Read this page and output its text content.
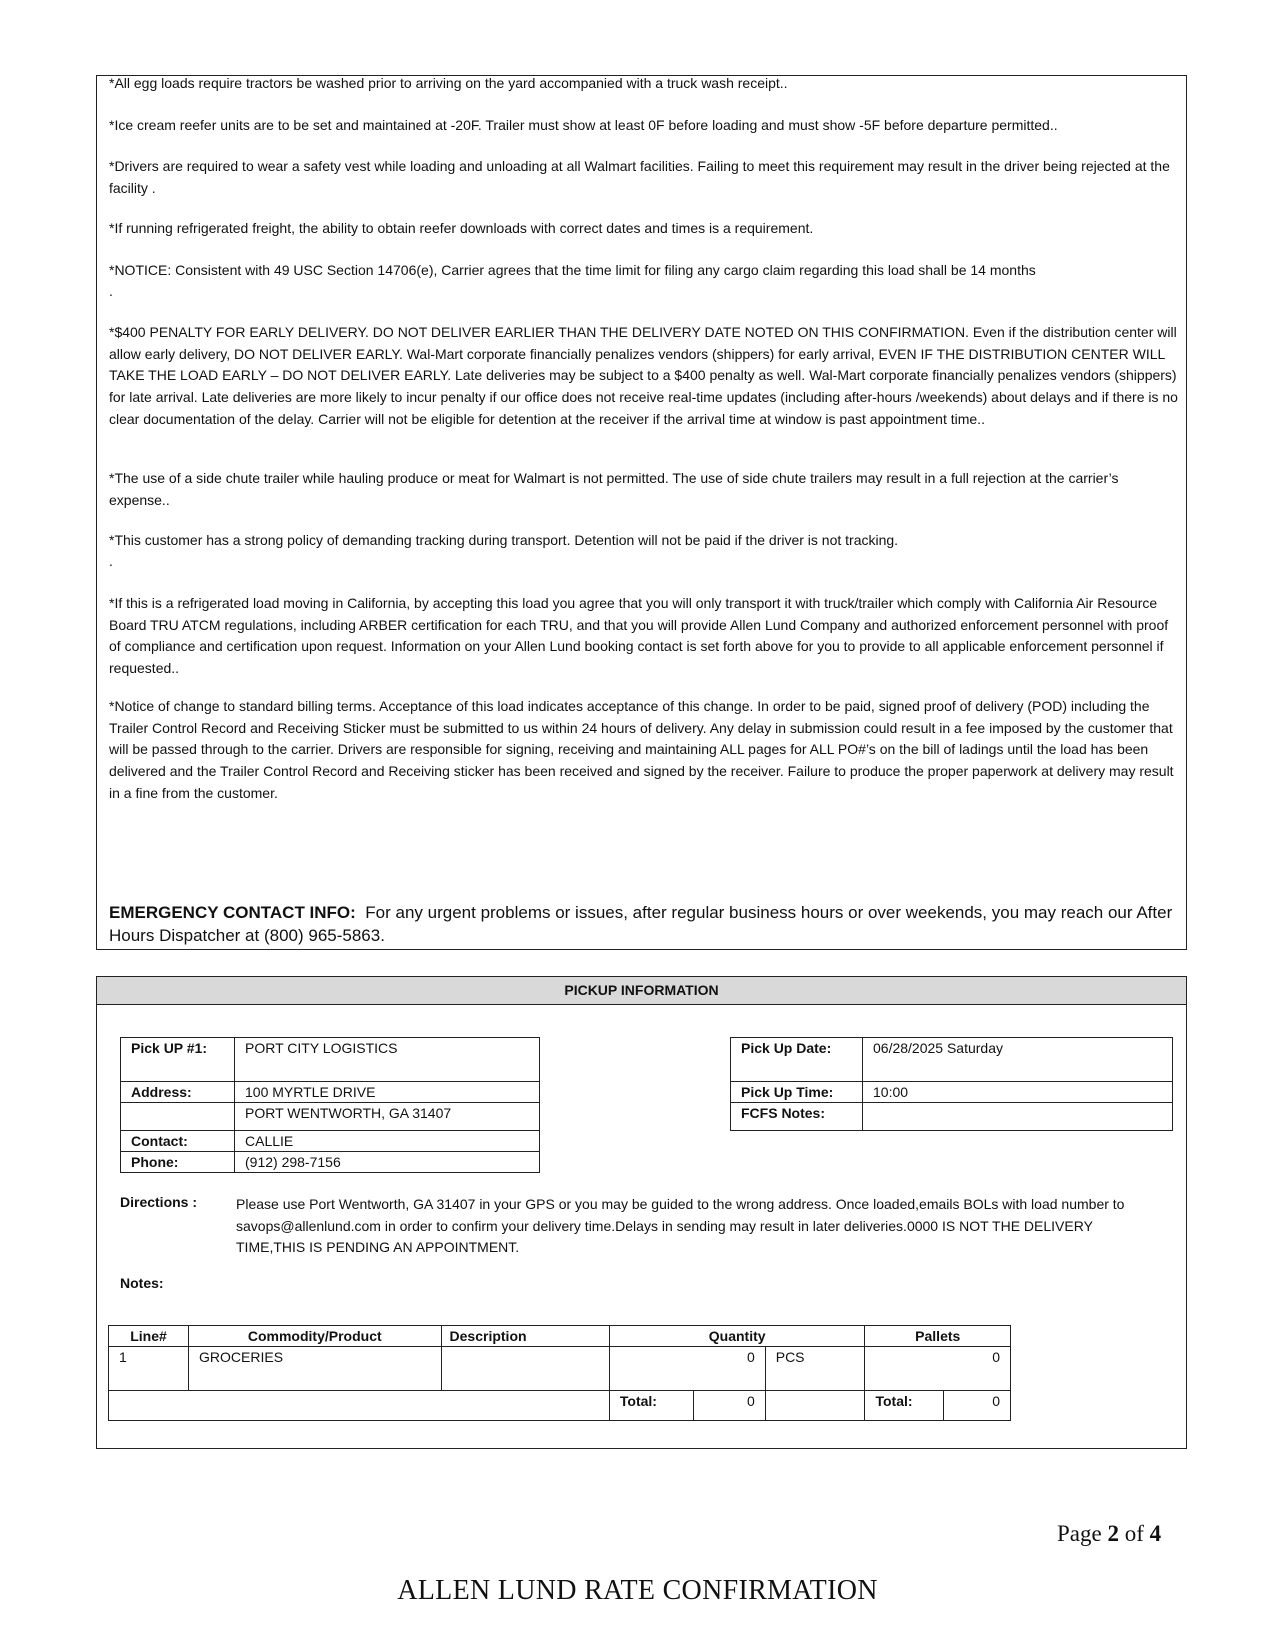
*All egg loads require tractors be washed prior to arriving on the yard accompanied with a truck wash receipt..

*Ice cream reefer units are to be set and maintained at -20F. Trailer must show at least 0F before loading and must show -5F before departure permitted..

*Drivers are required to wear a safety vest while loading and unloading at all Walmart facilities. Failing to meet this requirement may result in the driver being rejected at the facility .

*If running refrigerated freight, the ability to obtain reefer downloads with correct dates and times is a requirement.

*NOTICE: Consistent with 49 USC Section 14706(e), Carrier agrees that the time limit for filing any cargo claim regarding this load shall be 14 months

.

*$400 PENALTY FOR EARLY DELIVERY. DO NOT DELIVER EARLIER THAN THE DELIVERY DATE NOTED ON THIS CONFIRMATION. Even if the distribution center will allow early delivery, DO NOT DELIVER EARLY. Wal-Mart corporate financially penalizes vendors (shippers) for early arrival, EVEN IF THE DISTRIBUTION CENTER WILL TAKE THE LOAD EARLY – DO NOT DELIVER EARLY. Late deliveries may be subject to a $400 penalty as well. Wal-Mart corporate financially penalizes vendors (shippers) for late arrival. Late deliveries are more likely to incur penalty if our office does not receive real-time updates (including after-hours /weekends) about delays and if there is no clear documentation of the delay. Carrier will not be eligible for detention at the receiver if the arrival time at window is past appointment time..

*The use of a side chute trailer while hauling produce or meat for Walmart is not permitted. The use of side chute trailers may result in a full rejection at the carrier’s expense..

*This customer has a strong policy of demanding tracking during transport. Detention will not be paid if the driver is not tracking.

.

*If this is a refrigerated load moving in California, by accepting this load you agree that you will only transport it with truck/trailer which comply with California Air Resource Board TRU ATCM regulations, including ARBER certification for each TRU, and that you will provide Allen Lund Company and authorized enforcement personnel with proof of compliance and certification upon request. Information on your Allen Lund booking contact is set forth above for you to provide to all applicable enforcement personnel if requested..

*Notice of change to standard billing terms. Acceptance of this load indicates acceptance of this change. In order to be paid, signed proof of delivery (POD) including the Trailer Control Record and Receiving Sticker must be submitted to us within 24 hours of delivery. Any delay in submission could result in a fee imposed by the customer that will be passed through to the carrier. Drivers are responsible for signing, receiving and maintaining ALL pages for ALL PO#’s on the bill of ladings until the load has been delivered and the Trailer Control Record and Receiving sticker has been received and signed by the receiver. Failure to produce the proper paperwork at delivery may result in a fine from the customer.

EMERGENCY CONTACT INFO: For any urgent problems or issues, after regular business hours or over weekends, you may reach our After Hours Dispatcher at (800) 965-5863.

PICKUP INFORMATION
Pick UP #1:	PORT CITY LOGISTICS
Address:	100 MYRTLE DRIVE
	PORT WENTWORTH, GA 31407
Contact:	CALLIE
Phone:	(912) 298-7156
Pick Up Date:	06/28/2025 Saturday
Pick Up Time:	10:00
FCFS Notes:	
Directions :	Please use Port Wentworth, GA 31407 in your GPS or you may be guided to the wrong address. Once loaded,emails BOLs with load number to savops@allenlund.com in order to confirm your delivery time.Delays in sending may result in later deliveries.0000 IS NOT THE DELIVERY TIME,THIS IS PENDING AN APPOINTMENT.
Notes:
Line#	Commodity/Product	Description	Quantity			Pallets	
1	GROCERIES		0		PCS	0	
			Total:	0		Total:	0
Page 2 of 4
ALLEN LUND RATE CONFIRMATION
